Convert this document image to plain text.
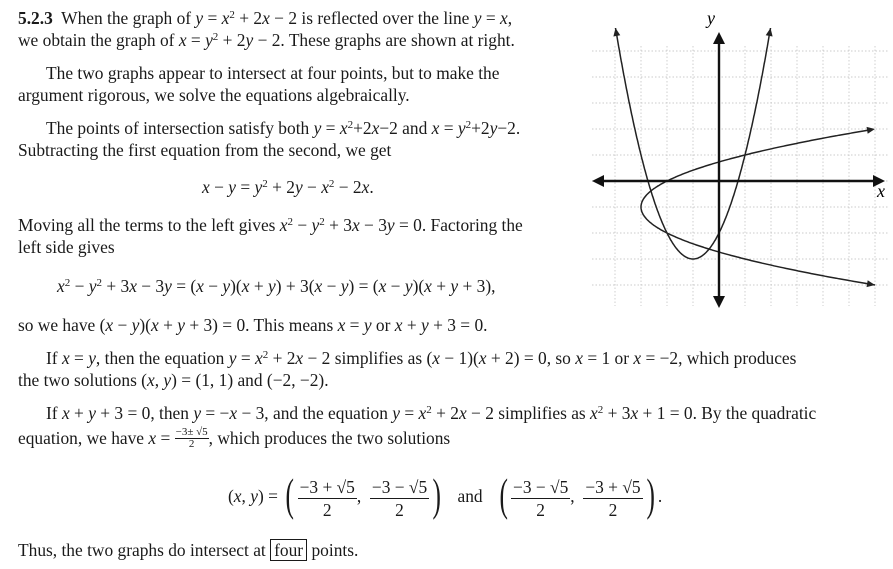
5.2.3  When the graph of $y = x^2 + 2x - 2$ is reflected over the line y = x,
we obtain the graph of $x = y^2 + 2y - 2$. These graphs are shown at right.
The two graphs appear to intersect at four points, but to make the
argument rigorous, we solve the equations algebraically.
The points of intersection satisfy both $y = x^2+2x-2$ and $x = y^2+2y-2$.
Subtracting the first equation from the second, we get
$x - y = y^2 + 2y - x^2 - 2x$.
Moving all the terms to the left gives $x^2 - y^2 + 3x - 3y = 0$. Factoring the
left side gives
$x^2 - y^2 + 3x - 3y = (x - y)(x + y) + 3(x - y) = (x - y)(x + y + 3)$,
so we have (x − y)(x + y + 3) = 0. This means x = y or x + y + 3 = 0.
If x = y, then the equation $y = x^2 + 2x - 2$ simplifies as (x − 1)(x + 2) = 0, so x = 1 or x = −2, which produces
the two solutions (x, y) = (1, 1) and (−2, −2).
If x + y + 3 = 0, then y = −x − 3, and the equation $y = x^2 + 2x - 2$ simplifies as $x^2 + 3x + 1 = 0$. By the quadratic
equation, we have $x = \frac{-3\pm √5}{2}$ , which produces the two solutions
(x, y) = ( $\frac{-3 + √5}{2}$ , $\frac{-3 - √5}{2}$ ) and ( $\frac{-3 - √5}{2}$ , $\frac{-3 + √5}{2}$ ) .
Thus, the two graphs do intersect at four points.
x
y
